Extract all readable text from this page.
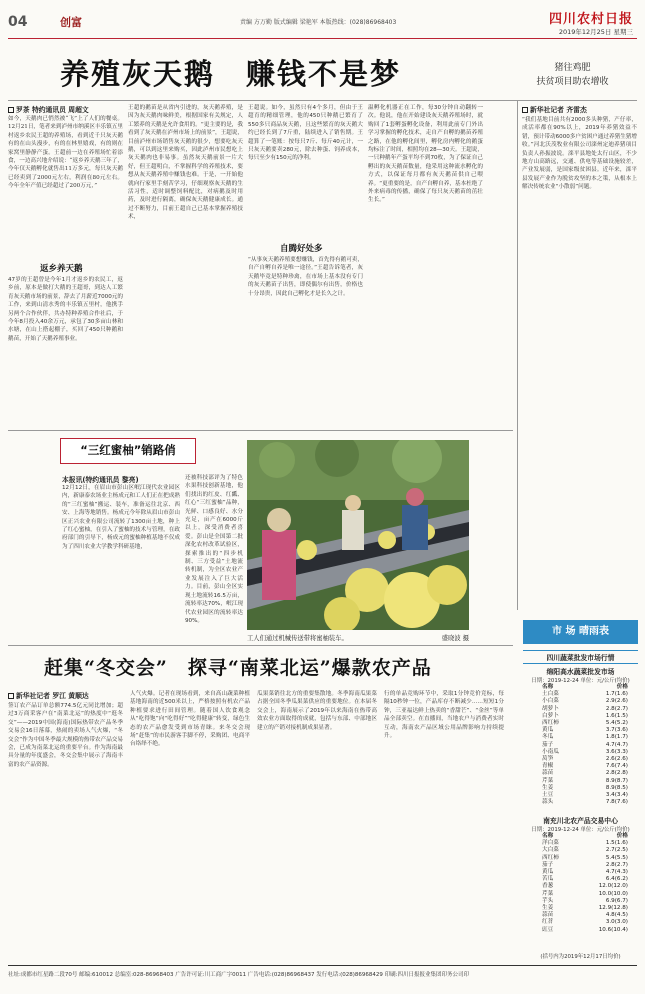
04	创富	责编 方万勤 版式编辑 梁艳军 本版热线：(028)86968403	四川农村日报
2019年12月25日 星期三
养殖灰天鹅　赚钱不是梦	猪往鸡肥
扶贫项目助农增收
罗茶 特约通讯员 周超文
如今，天鹅肉已悄然被“飞”上了人们的餐桌。12月21日，笔者来到泸州市纳溪区丰乐镇五里村返乡农民王超的养殖场，看到近千只灰天鹅有的在山头漫步，有的在林里嬉戏，有的则在家窝里静静产蛋。王超前一边在养殖场忙着添食，一边高兴地介绍说：“返乡养天鹅三年了，今年仅天鹅孵化就售出11万多元，每只灰天鹅已经卖到了2000元左右，利润在80元左右。今年全年产值已经超过了200万元，”
返乡养天鹅
47岁的王超曾是今年1月才返乡的农民工，返乡前，原本是做打大鹅的王超哥，到达人工繁育灰天鹅市场的前景，辞去了月薪近7000元的工作，来到山清水秀的丰乐镇五里村，他携手另两个合作伙伴，共办特种养殖合作社后，于今年8月投入40余万元，承包了30多亩山林和水塘，在山上搭起棚子，买回了450只种鹅和鹅苗，开始了天鹅养殖事业。
王超的鹅苗是从省内引进的，灰天鹅养殖，是因为灰天鹅肉味鲜美，根据国家有关规定，人工繁养的天鹅是允许食用的。“更主要的是，我看到了灰天鹅在泸州市场上的前景”，王超说，目前泸州市场销售灰天鹅的很少，想要吃灰天鹅，可以到这里来购买，因此泸州市民想吃上灰天鹅肉也非易事。虽然灰天鹅前景一片大好，但王超明白，不掌握科学的养殖技术，要想从灰天鹅养殖中赚钱也难。于是，一开始他就向行家里手刻苦学习，仔细观察灰天鹅的生活习性，适时调整饲料配比，对病鹅及时用药，及时进行隔离，确保灰天鹅健康成长。通过不断努力，目前王超自己已基本掌握养殖技术，
王超说。如今，虽然只有4个多月，但由于王超育的精细管理，他的450只种鹅已繁育了550多只商品灰天鹅，且这些繁育的灰天鹅大约已经长到了7斤重，陆续进入了销售期。王超算了一笔账：按每只7斤、每斤40元计，一只灰天鹅要卖280元，除去种蛋、饲养成本，每只至少有150元的净利。
自腾好处多
“从事灰天鹅养殖要想赚钱，首先得有鹅可卖，自产自孵自养是唯一途径。”王超告诉笔者，灰天鹅毕竟是特种珍禽，在市场上基本没有专门的灰天鹅苗子出售，即使偶尔有出售，价格也十分昂贵，因此自己孵化才是长久之计。
温孵化机器正在工作，每30分钟自动翻转一次。他说，他在开始建设灰天鹅养殖场时，就购回了1套孵蛋孵化设备，利用此前专门外出学习掌握的孵化技术，走自产自孵的鹅苗养殖之路，在他的孵化间里，孵化房内孵化的鹅蛋均标注了时间，相照均在28—30天。王超说，一只种鹅年产蛋平均不到70枚，为了保证自己孵出的灰天鹅苗数量，他采用这种流水孵化的方式，以保证每月都有灰天鹅苗供自己喂养。“更重要的是，自产自孵自养，基本杜绝了外来病毒的传播，确保了每只灰天鹅苗的茁壮生长。”
新华社记者 齐雷杰
“我们基地目前共有2000多头种猪，产仔率，成活率都在90%以上，2019年养猪效益不错，预计带动6000多户贫困户通过养猪生猪增收。”河北沃茂牧业有限公司滦州定迪养猪项目负责人孙振波说。滦平县地处太行山区，不少地方山高路远，交通、供电等基础设施较差，产业发展弱，是国家级贫困县。近年来，滦平县发展产业作为脱贫攻坚的本之策，从根本上解决传统农业“小散弱”问题。
“三红蜜柚”销路俏
本报讯(特约通讯员 黎亮)
12月12日，在眉山市彭山区岷江现代农业园区内，新康泰农场业主杨成元和工人们正在把成熟的“三红蜜柚”搬运、装车，准备运往北京、西安、上海等地销售。杨成元今年除从眉山市彭山区正兴农业有限公司流转了1300亩土地，种上了红心蜜柚，在引入了蜜柚的技术与管理，在政府部门的引导下，杨成元的蜜柚种植基地不仅成为了四川农业大学教学科研基地，
还被科技部评为了特色水果科技创新基地，他们找出的红皮、红瓤、红心“三红蜜柚”品种，光鲜、口感良好、水分充足，亩产在6000斤以上，深受消费者喜爱。彭山是全国第二批深化农村改革试验区，探索推出的“四步机制、三方受益”土地流转机制，为全区农业产业发展注入了巨大活力。目前，彭山全区实现土地流转16.5万亩，流转率达70%，岷江现代农业园区的流转率达90%。
工人们通过机械传送带将蜜柚装车。	盛晓波 摄
赶集“冬交会”　探寻“南菜北运”爆款农产品
新华社记者 罗江 黄顺达
签订农产品订单总额774.5亿元同比增加；超过3万商采客户在“南菜北运”的热度中“逛冬交”——2019中国(海南)国际热带农产品冬季交易会16日落幕，热闹的卖场人气火爆，“冬交会”作为中国冬季最大规模的热带农产品交易会，已成为南菜北运的重要平台。作为海南最具分量的年度盛会，冬交会集中展示了海南丰富的农产品资源。
人气火爆。记者在现场看到，来自高山蔬菜种植基地海南的近500米以上，严格按照有机农产品种植要求进行田间管理。随着国人饮食观念从“吃得饱”向“吃得好”“吃得健康”转变，绿色生态的农产品愈发受到市场青睐。来冬交会现场“赶集”的市民游客手脚不停，采购团、电商平台络绎不绝。
瓜果菜销往北方的重要集散地。冬季海南瓜果菜占据全国冬季瓜果菜供应的重要地位。在本届冬交会上，海南展示了2019年以来海南在热带高效农业方面取得的成就，包括与东部、中部地区建立的产销对接机制成果显著。
行的单品竞购环节中，采取1分钟竞价竞标，每隔10秒钟一位，产品库存不断减少……短短1分钟，三亚福达鲜上热卖的“香甜芒”、“金丝”等单品全部卖空。在直播间，当地农户与消费者实时互动，海南农产品区域公用品牌影响力持续提升。
市 场 晴雨表
四川蔬菜批发市场行情
绵阳高水蔬菜批发市场
日期：2019-12-24 单位：元/公斤(均价)
名称	价格
土白菜	1.7(1.6)
小白菜	2.9(2.6)
胡萝卜	2.8(2.7)
白萝卜	1.6(1.5)
西红柿	5.4(5.2)
黄瓜	3.7(3.6)
冬瓜	1.8(1.7)
茄子	4.7(4.7)
小南瓜	3.6(3.3)
莴笋	2.6(2.6)
青椒	7.6(7.4)
蒜苗	2.8(2.8)
芹菜	8.9(8.7)
生姜	8.9(8.5)
土豆	3.4(3.4)
蒜头	7.8(7.6)
南充川北农产品交易中心
日期：2019-12-24 单位：元/公斤(均价)
名称	价格
洋白菜	1.5(1.6)
大白菜	2.7(2.5)
西红柿	5.4(5.5)
茄子	2.8(2.7)
黄瓜	4.7(4.3)
苦瓜	6.4(6.2)
香葱	12.0(12.0)
芹菜	10.0(10.0)
芋头	6.9(6.7)
生姜	12.9(12.8)
蒜苗	4.8(4.5)
红苕	3.0(3.0)
豇豆	10.6(10.4)
(括号内为2019年12月17日均价)
社址:成都市红星路二段70号 邮编:610012 总编室:028-86968403 广告许可证:川工商广字0011 广告电话:(028)86968437 发行电话:(028)86968429 印刷:四川日报报业集团印务公司印
